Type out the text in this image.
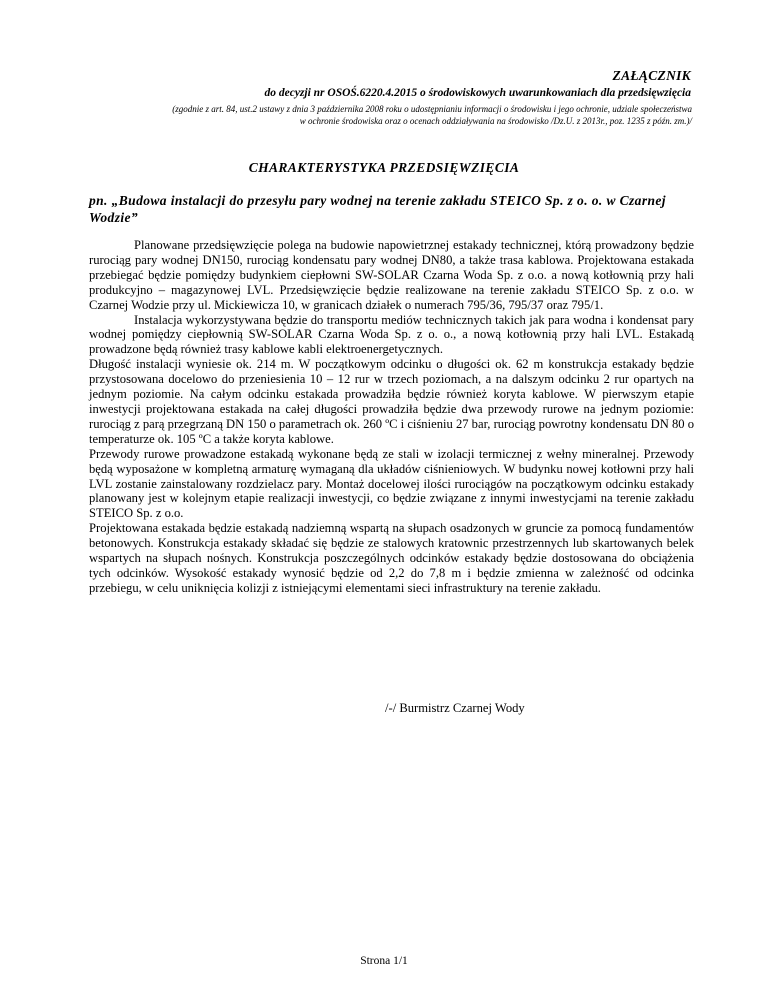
ZAŁĄCZNIK
do decyzji nr OSOŚ.6220.4.2015 o środowiskowych uwarunkowaniach dla przedsięwzięcia
(zgodnie z art. 84, ust.2 ustawy z dnia 3 października 2008 roku o udostępnianiu informacji o środowisku i jego ochronie, udziale społeczeństwa
w ochronie środowiska oraz o ocenach oddziaływania na środowisko /Dz.U. z 2013r., poz. 1235 z późn. zm.)/
CHARAKTERYSTYKA PRZEDSIĘWZIĘCIA
pn. „Budowa instalacji do przesyłu pary wodnej na terenie zakładu STEICO Sp. z o. o. w Czarnej Wodzie”

Planowane przedsięwzięcie polega na budowie napowietrznej estakady technicznej, którą prowadzony będzie rurociąg pary wodnej DN150, rurociąg kondensatu pary wodnej DN80, a także trasa kablowa. Projektowana estakada przebiegać będzie pomiędzy budynkiem ciepłowni SW-SOLAR Czarna Woda Sp. z o.o. a nową kotłownią przy hali produkcyjno – magazynowej LVL. Przedsięwzięcie będzie realizowane na terenie zakładu STEICO Sp. z o.o. w Czarnej Wodzie przy ul. Mickiewicza 10, w granicach działek o numerach 795/36, 795/37 oraz 795/1.

Instalacja wykorzystywana będzie do transportu mediów technicznych takich jak para wodna i kondensat pary wodnej pomiędzy ciepłownią SW-SOLAR Czarna Woda Sp. z o. o., a nową kotłownią przy hali LVL. Estakadą prowadzone będą również trasy kablowe kabli elektroenergetycznych.

Długość instalacji wyniesie ok. 214 m. W początkowym odcinku o długości ok. 62 m konstrukcja estakady będzie przystosowana docelowo do przeniesienia 10 – 12 rur w trzech poziomach, a na dalszym odcinku 2 rur opartych na jednym poziomie. Na całym odcinku estakada prowadziła będzie również koryta kablowe. W pierwszym etapie inwestycji projektowana estakada na całej długości prowadziła będzie dwa przewody rurowe na jednym poziomie: rurociąg z parą przegrzaną DN 150 o parametrach ok. 260 ºC i ciśnieniu 27 bar, rurociąg powrotny kondensatu DN 80 o temperaturze ok. 105 ºC a także koryta kablowe.

Przewody rurowe prowadzone estakadą wykonane będą ze stali w izolacji termicznej z wełny mineralnej. Przewody będą wyposażone w kompletną armaturę wymaganą dla układów ciśnieniowych. W budynku nowej kotłowni przy hali LVL zostanie zainstalowany rozdzielacz pary. Montaż docelowej ilości rurociągów na początkowym odcinku estakady planowany jest w kolejnym etapie realizacji inwestycji, co będzie związane z innymi inwestycjami na terenie zakładu STEICO Sp. z o.o.

Projektowana estakada będzie estakadą nadziemną wspartą na słupach osadzonych w gruncie za pomocą fundamentów betonowych. Konstrukcja estakady składać się będzie ze stalowych kratownic przestrzennych lub skartowanych belek wspartych na słupach nośnych. Konstrukcja poszczególnych odcinków estakady będzie dostosowana do obciążenia tych odcinków. Wysokość estakady wynosić będzie od 2,2 do 7,8 m i będzie zmienna w zależność od odcinka przebiegu, w celu uniknięcia kolizji z istniejącymi elementami sieci infrastruktury na terenie zakładu.

/-/ Burmistrz Czarnej Wody
Strona 1/1
